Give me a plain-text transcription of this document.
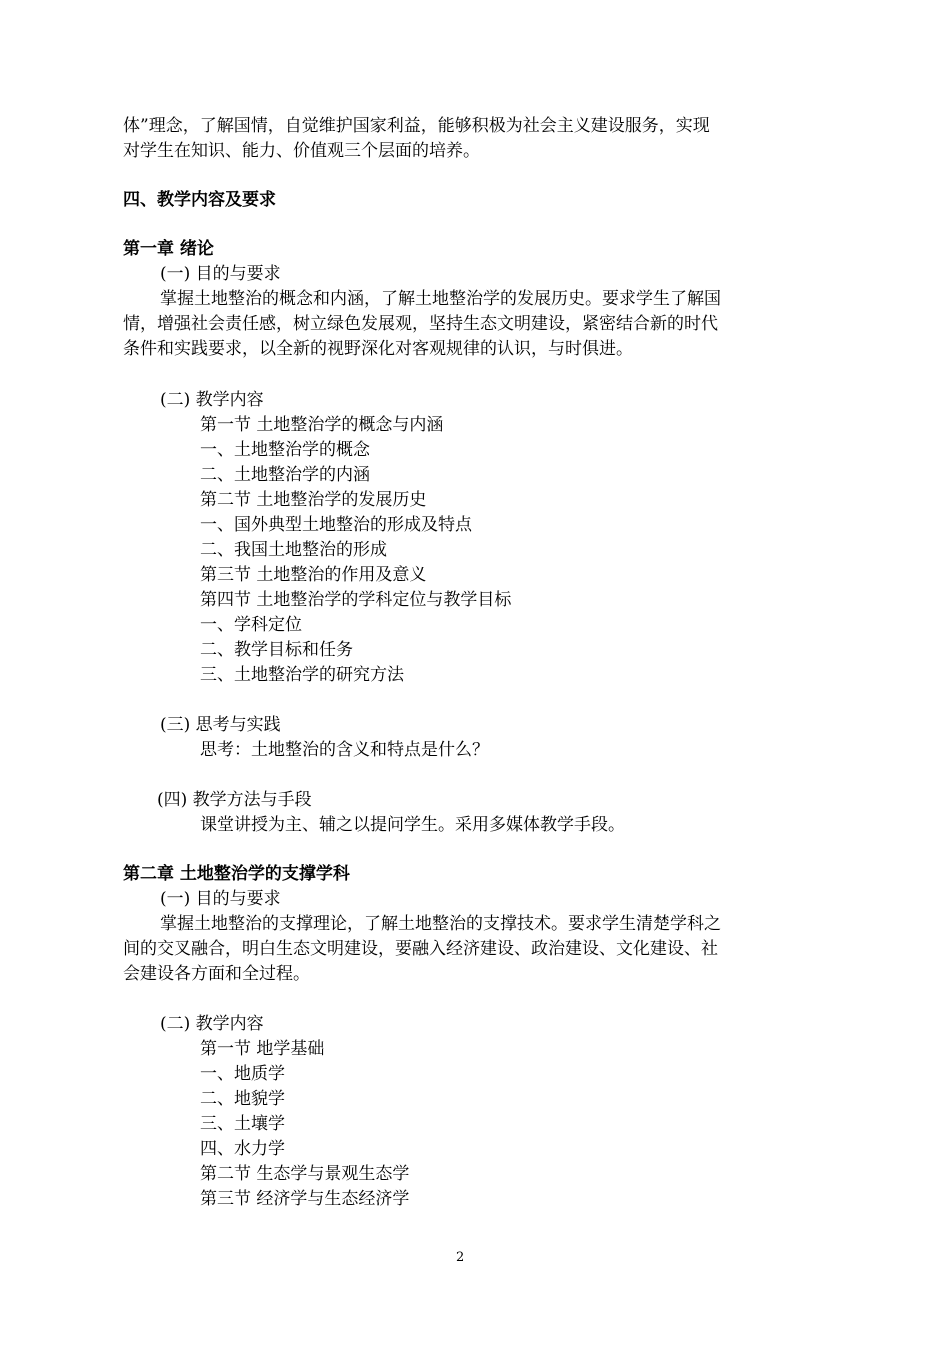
体”理念，了解国情，自觉维护国家利益，能够积极为社会主义建设服务，实现
对学生在知识、能力、价值观三个层面的培养。
四、教学内容及要求
第一章 绪论
(一) 目的与要求
掌握土地整治的概念和内涵，了解土地整治学的发展历史。要求学生了解国
情，增强社会责任感，树立绿色发展观，坚持生态文明建设，紧密结合新的时代
条件和实践要求，以全新的视野深化对客观规律的认识，与时俱进。
(二) 教学内容
第一节 土地整治学的概念与内涵
一、土地整治学的概念
二、土地整治学的内涵
第二节 土地整治学的发展历史
一、国外典型土地整治的形成及特点
二、我国土地整治的形成
第三节 土地整治的作用及意义
第四节 土地整治学的学科定位与教学目标
一、学科定位
二、教学目标和任务
三、土地整治学的研究方法
(三) 思考与实践
思考：土地整治的含义和特点是什么？
(四) 教学方法与手段
课堂讲授为主、辅之以提问学生。采用多媒体教学手段。
第二章 土地整治学的支撑学科
(一) 目的与要求
掌握土地整治的支撑理论，了解土地整治的支撑技术。要求学生清楚学科之
间的交叉融合，明白生态文明建设，要融入经济建设、政治建设、文化建设、社
会建设各方面和全过程。
(二) 教学内容
第一节 地学基础
一、地质学
二、地貌学
三、土壤学
四、水力学
第二节 生态学与景观生态学
第三节 经济学与生态经济学
2
